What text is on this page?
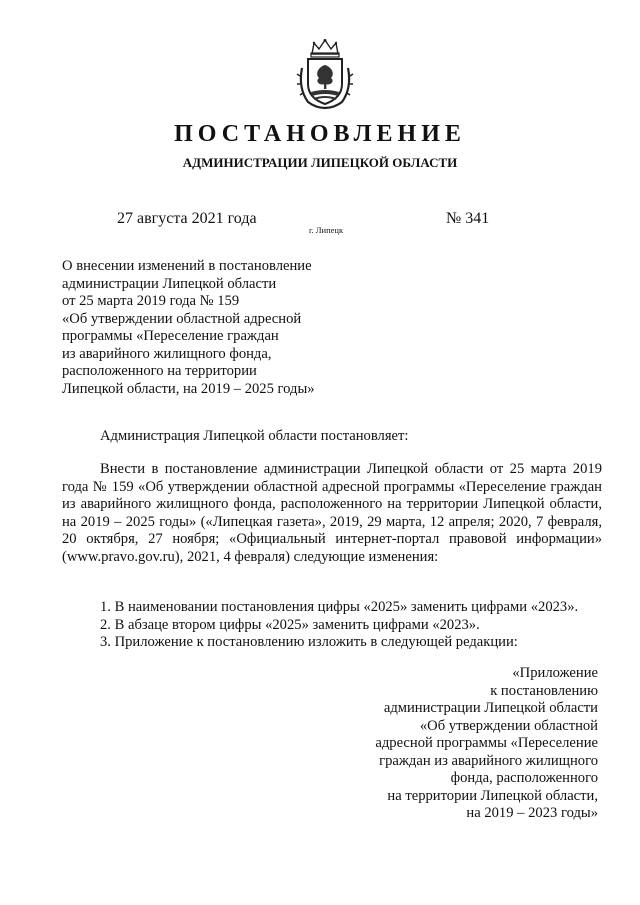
ПОСТАНОВЛЕНИЕ
АДМИНИСТРАЦИИ ЛИПЕЦКОЙ ОБЛАСТИ
27 августа 2021 года
г. Липецк
№ 341
О внесении изменений в постановление
администрации Липецкой области
от 25 марта 2019 года № 159
«Об утверждении областной адресной
программы «Переселение граждан
из аварийного жилищного фонда,
расположенного на территории
Липецкой области, на 2019 – 2025 годы»
Администрация Липецкой области постановляет:
Внести в постановление администрации Липецкой области от 25 марта 2019 года № 159 «Об утверждении областной адресной программы «Переселение граждан из аварийного жилищного фонда, расположенного на территории Липецкой области, на 2019 – 2025 годы» («Липецкая газета», 2019, 29 марта, 12 апреля; 2020, 7 февраля, 20 октября, 27 ноября; «Официальный интернет-портал правовой информации» (www.pravo.gov.ru), 2021, 4 февраля) следующие изменения:
1. В наименовании постановления цифры «2025» заменить цифрами «2023».
2. В абзаце втором цифры «2025» заменить цифрами «2023».
3. Приложение к постановлению изложить в следующей редакции:
«Приложение
к постановлению
администрации Липецкой области
«Об утверждении областной
адресной программы «Переселение
граждан из аварийного жилищного
фонда, расположенного
на территории Липецкой области,
на 2019 – 2023 годы»
